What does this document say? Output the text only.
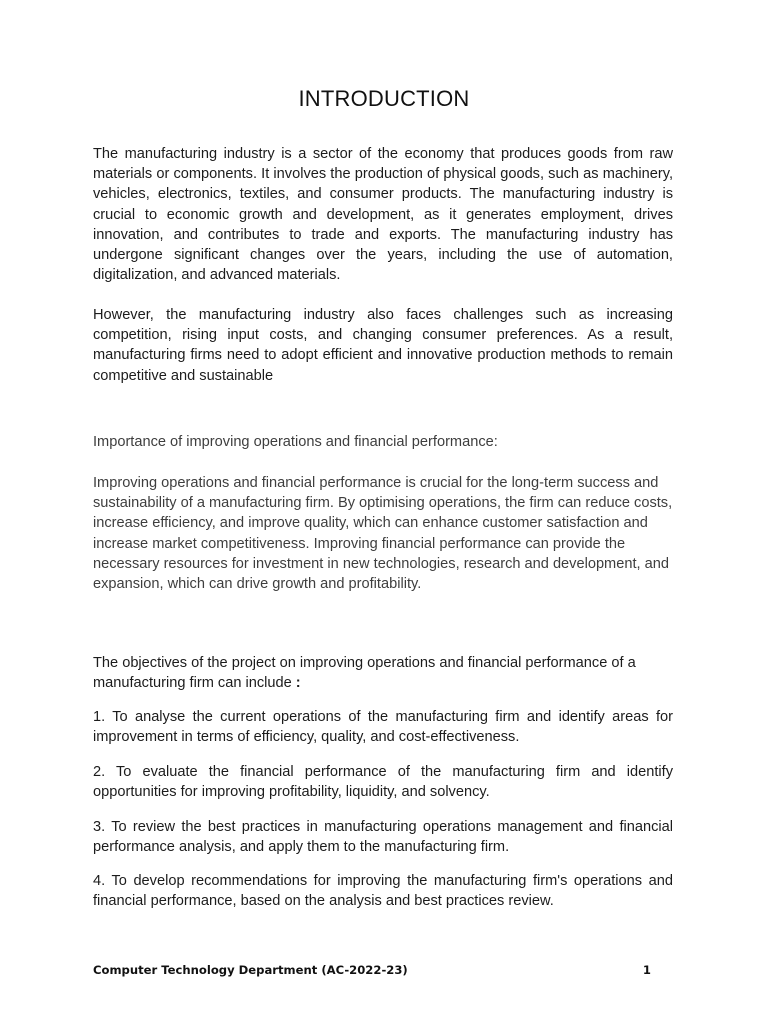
INTRODUCTION

The manufacturing industry is a sector of the economy that produces goods from raw materials or components. It involves the production of physical goods, such as machinery, vehicles, electronics, textiles, and consumer products. The manufacturing industry is crucial to economic growth and development, as it generates employment, drives innovation, and contributes to trade and exports. The manufacturing industry has undergone significant changes over the years, including the use of automation, digitalization, and advanced materials.

However, the manufacturing industry also faces challenges such as increasing competition, rising input costs, and changing consumer preferences. As a result, manufacturing firms need to adopt efficient and innovative production methods to remain competitive and sustainable

Importance of improving operations and financial performance:

Improving operations and financial performance is crucial for the long-term success and sustainability of a manufacturing firm. By optimising operations, the firm can reduce costs, increase efficiency, and improve quality, which can enhance customer satisfaction and increase market competitiveness. Improving financial performance can provide the necessary resources for investment in new technologies, research and development, and expansion, which can drive growth and profitability.

The objectives of the project on improving operations and financial performance of a manufacturing firm can include :

1. To analyse the current operations of the manufacturing firm and identify areas for improvement in terms of efficiency, quality, and cost-effectiveness.

2. To evaluate the financial performance of the manufacturing firm and identify opportunities for improving profitability, liquidity, and solvency.

3. To review the best practices in manufacturing operations management and financial performance analysis, and apply them to the manufacturing firm.

4. To develop recommendations for improving the manufacturing firm's operations and financial performance, based on the analysis and best practices review.

Computer Technology Department (AC-2022-23)	1
